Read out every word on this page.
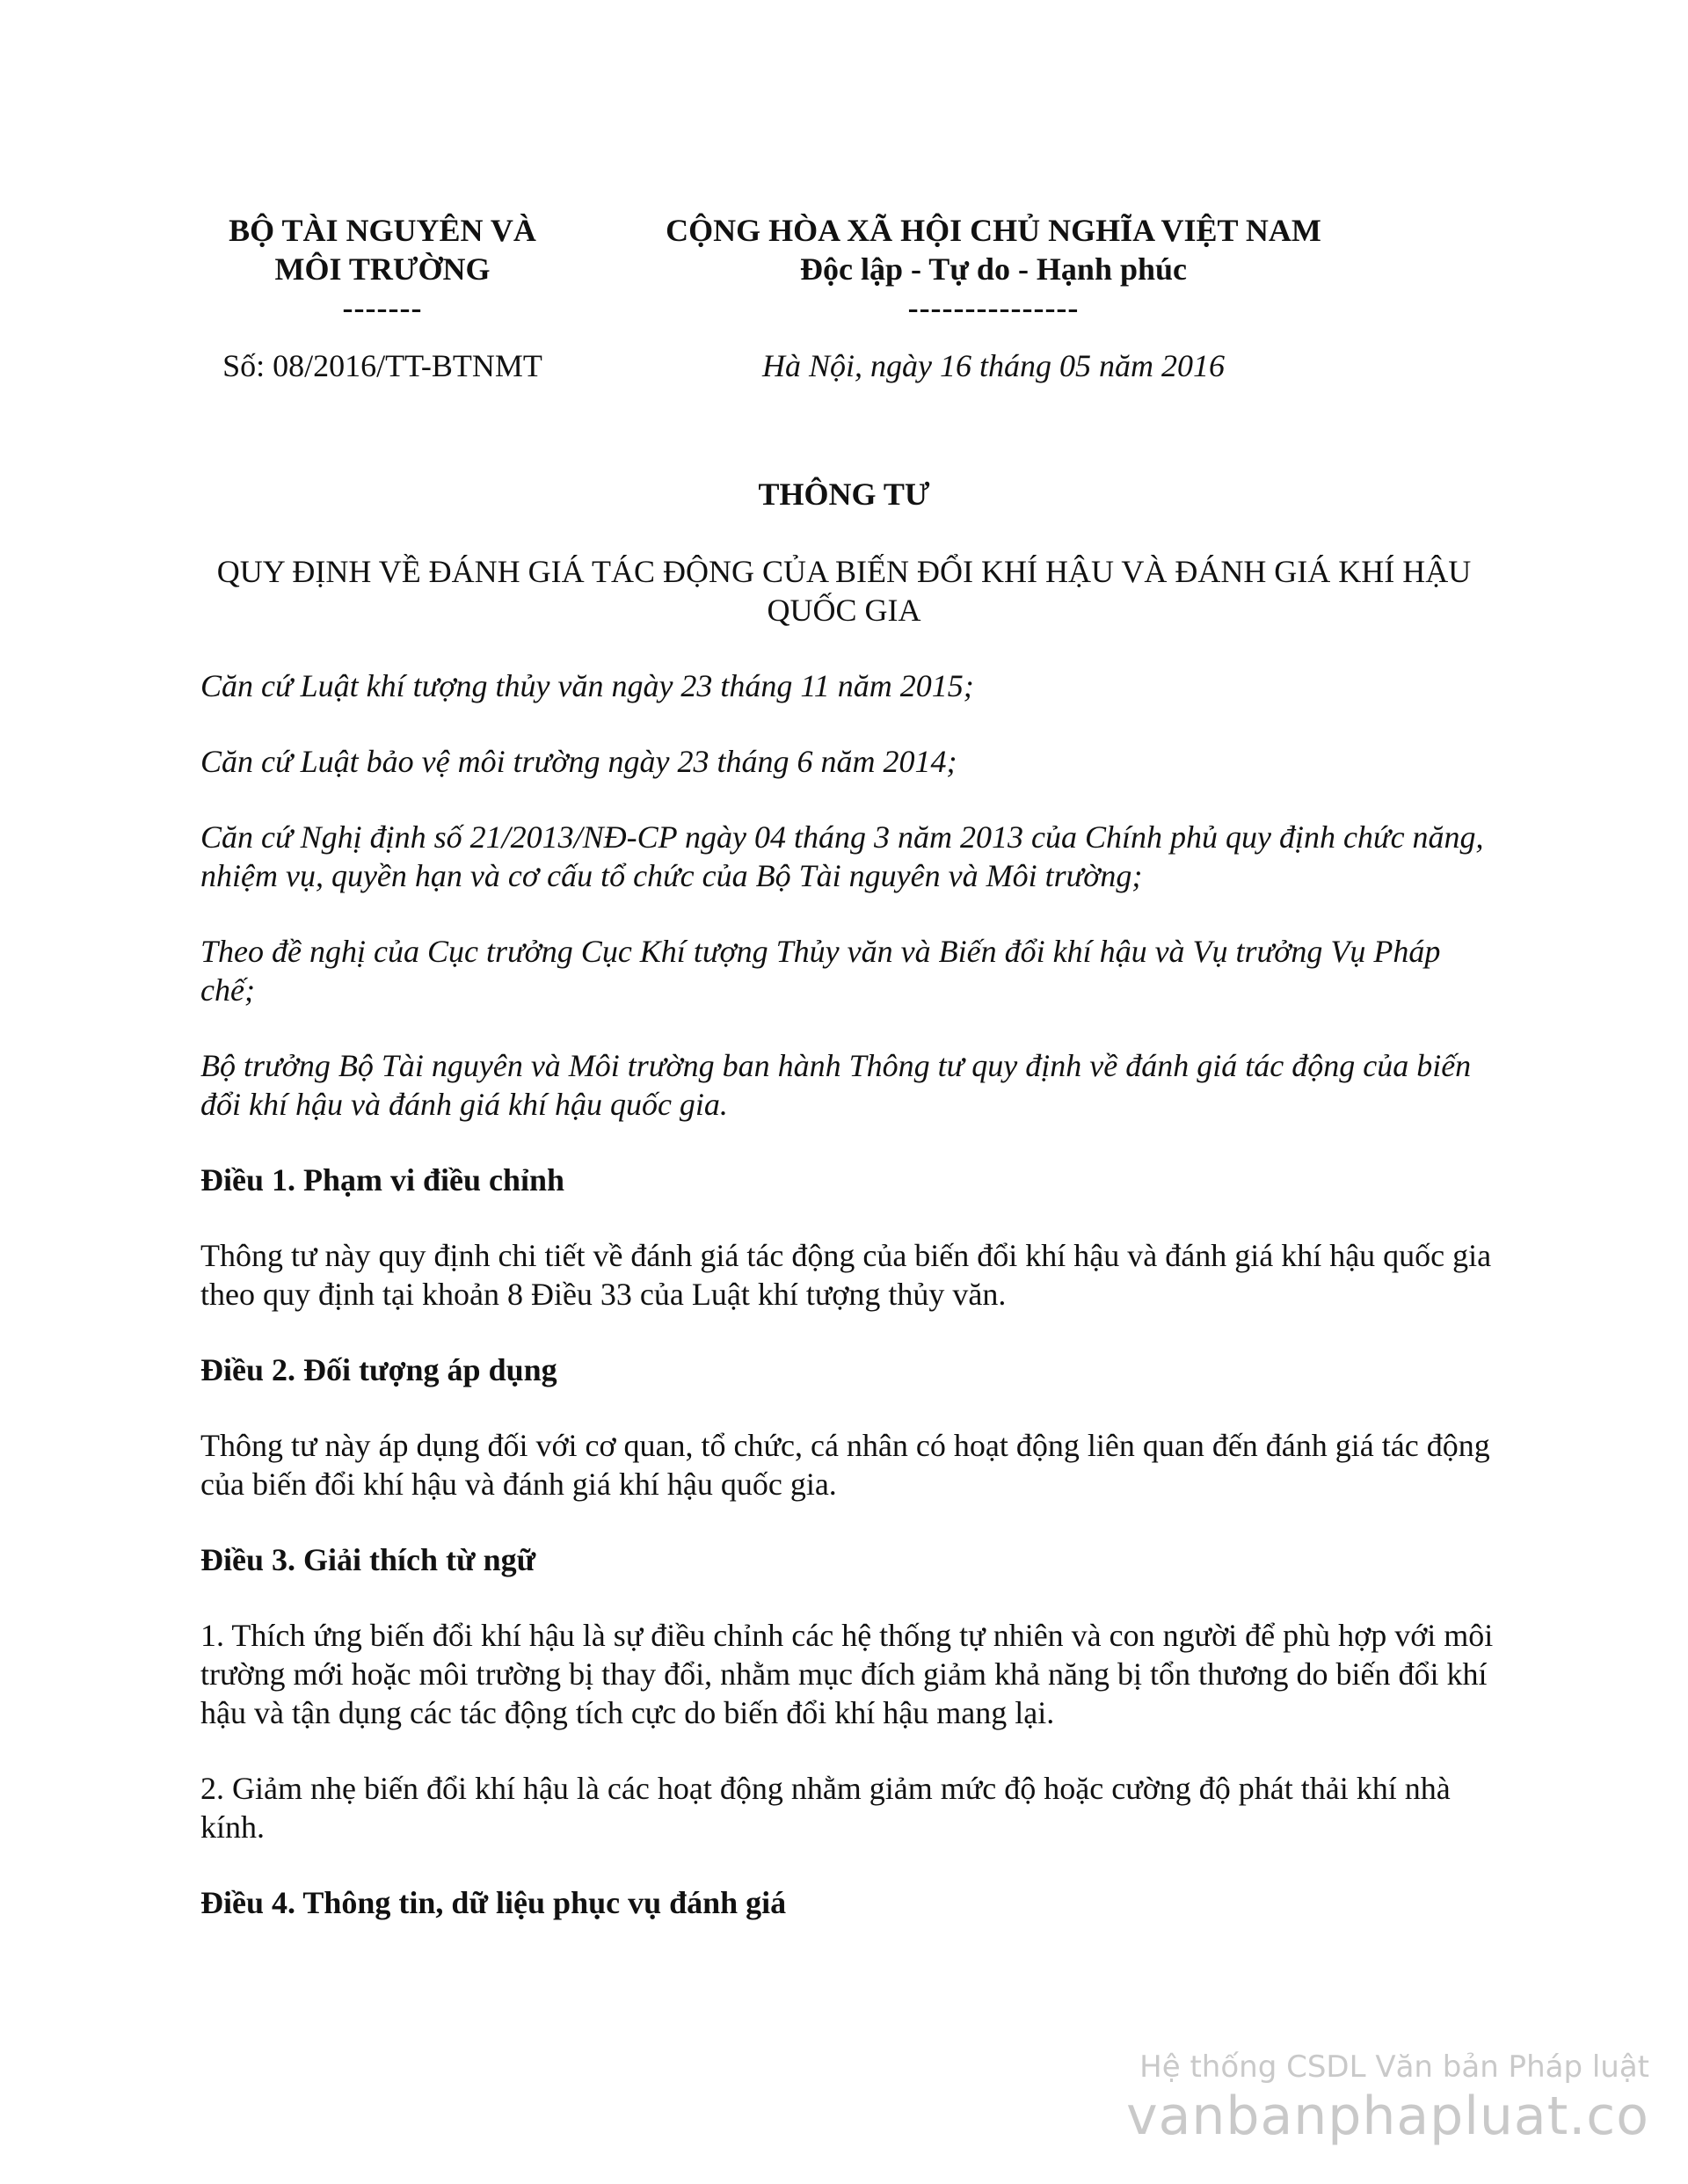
BỘ TÀI NGUYÊN VÀ
MÔI TRƯỜNG
-------
CỘNG HÒA XÃ HỘI CHỦ NGHĨA VIỆT NAM
Độc lập - Tự do - Hạnh phúc
---------------
Số: 08/2016/TT-BTNMT	Hà Nội, ngày 16 tháng 05 năm 2016
THÔNG TƯ
QUY ĐỊNH VỀ ĐÁNH GIÁ TÁC ĐỘNG CỦA BIẾN ĐỔI KHÍ HẬU VÀ ĐÁNH GIÁ KHÍ HẬU QUỐC GIA

Căn cứ Luật khí tượng thủy văn ngày 23 tháng 11 năm 2015;

Căn cứ Luật bảo vệ môi trường ngày 23 tháng 6 năm 2014;

Căn cứ Nghị định số 21/2013/NĐ-CP ngày 04 tháng 3 năm 2013 của Chính phủ quy định chức năng, nhiệm vụ, quyền hạn và cơ cấu tổ chức của Bộ Tài nguyên và Môi trường;

Theo đề nghị của Cục trưởng Cục Khí tượng Thủy văn và Biến đổi khí hậu và Vụ trưởng Vụ Pháp chế;

Bộ trưởng Bộ Tài nguyên và Môi trường ban hành Thông tư quy định về đánh giá tác động của biến đổi khí hậu và đánh giá khí hậu quốc gia.

Điều 1. Phạm vi điều chỉnh

Thông tư này quy định chi tiết về đánh giá tác động của biến đổi khí hậu và đánh giá khí hậu quốc gia theo quy định tại khoản 8 Điều 33 của Luật khí tượng thủy văn.

Điều 2. Đối tượng áp dụng

Thông tư này áp dụng đối với cơ quan, tổ chức, cá nhân có hoạt động liên quan đến đánh giá tác động của biến đổi khí hậu và đánh giá khí hậu quốc gia.

Điều 3. Giải thích từ ngữ

1. Thích ứng biến đổi khí hậu là sự điều chỉnh các hệ thống tự nhiên và con người để phù hợp với môi trường mới hoặc môi trường bị thay đổi, nhằm mục đích giảm khả năng bị tổn thương do biến đổi khí hậu và tận dụng các tác động tích cực do biến đổi khí hậu mang lại.

2. Giảm nhẹ biến đổi khí hậu là các hoạt động nhằm giảm mức độ hoặc cường độ phát thải khí nhà kính.

Điều 4. Thông tin, dữ liệu phục vụ đánh giá

Hệ thống CSDL Văn bản Pháp luật
vanbanphapluat.co
